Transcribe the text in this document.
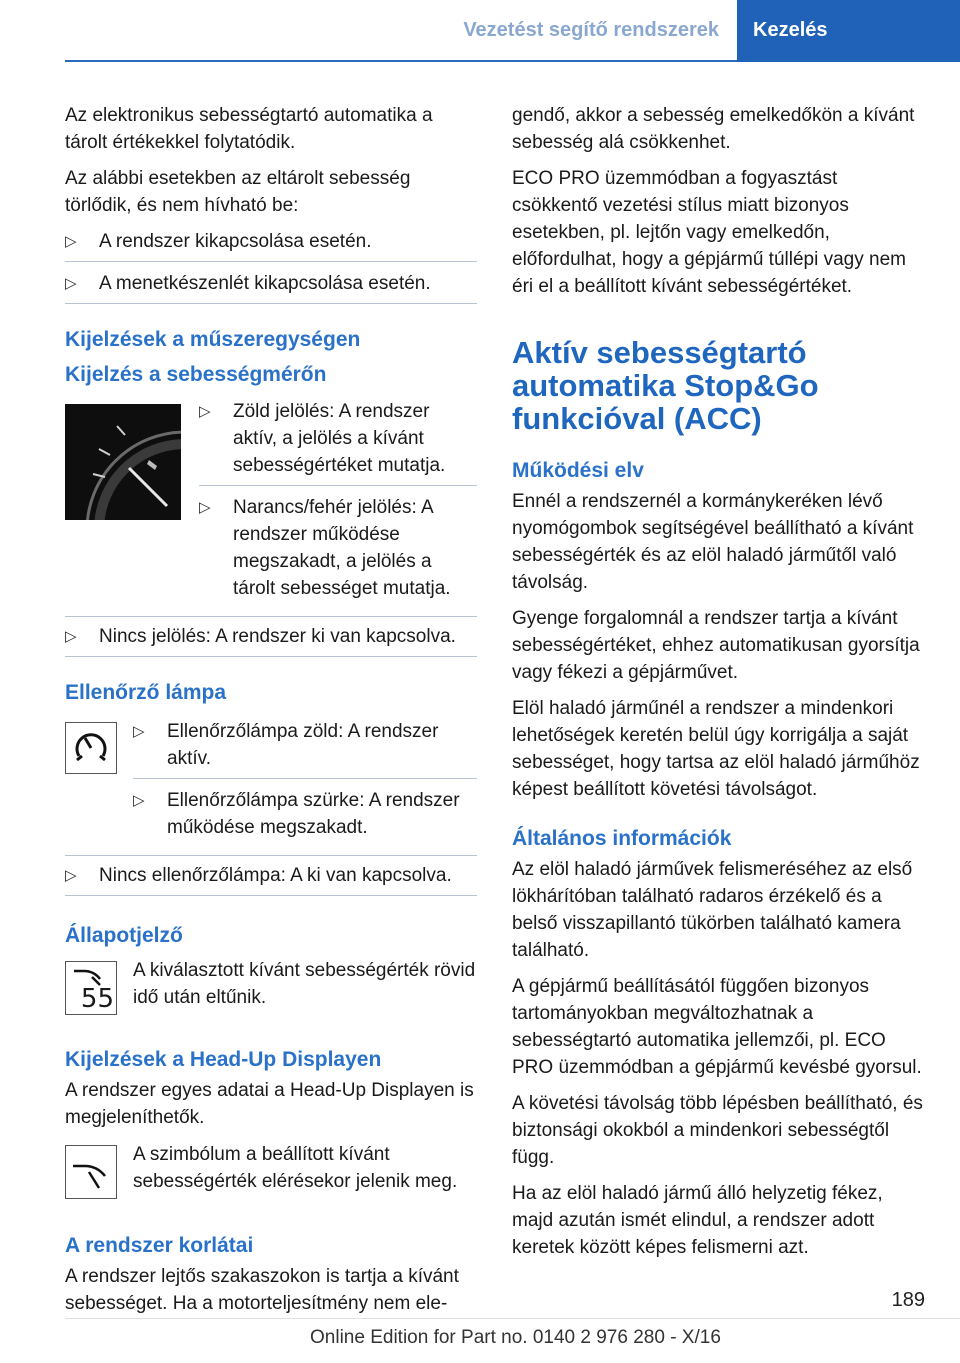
Vezetést segítő rendszerek	Kezelés

Az elektronikus sebességtartó automatika a tárolt értékekkel folytatódik.

Az alábbi esetekben az eltárolt sebesség törlődik, és nem hívható be:

▷ A rendszer kikapcsolása esetén.
▷ A menetkészenlét kikapcsolása esetén.
Kijelzések a műszeregységen
Kijelzés a sebességmérőn
▷ Zöld jelölés: A rendszer aktív, a jelölés a kívánt sebességértéket mutatja.
▷ Narancs/fehér jelölés: A rendszer működése megszakadt, a jelölés a tárolt sebességet mutatja.
▷ Nincs jelölés: A rendszer ki van kapcsolva.
Ellenőrző lámpa
▷ Ellenőrzőlámpa zöld: A rendszer aktív.
▷ Ellenőrzőlámpa szürke: A rendszer működése megszakadt.
▷ Nincs ellenőrzőlámpa: A ki van kapcsolva.
Állapotjelző
55

A kiválasztott kívánt sebességérték rövid idő után eltűnik.

Kijelzések a Head-Up Displayen

A rendszer egyes adatai a Head-Up Displayen is megjeleníthetők.

A szimbólum a beállított kívánt sebességérték elérésekor jelenik meg.

A rendszer korlátai

A rendszer lejtős szakaszokon is tartja a kívánt sebességet. Ha a motorteljesítmény nem ele-

gendő, akkor a sebesség emelkedőkön a kívánt sebesség alá csökkenhet.

ECO PRO üzemmódban a fogyasztást csökkentő vezetési stílus miatt bizonyos esetekben, pl. lejtőn vagy emelkedőn, előfordulhat, hogy a gépjármű túllépi vagy nem éri el a beállított kívánt sebességértéket.

Aktív sebességtartó automatika Stop&Go funkcióval (ACC)
Működési elv

Ennél a rendszernél a kormánykeréken lévő nyomógombok segítségével beállítható a kívánt sebességérték és az elöl haladó járműtől való távolság.

Gyenge forgalomnál a rendszer tartja a kívánt sebességértéket, ehhez automatikusan gyorsítja vagy fékezi a gépjárművet.

Elöl haladó járműnél a rendszer a mindenkori lehetőségek keretén belül úgy korrigálja a saját sebességet, hogy tartsa az elöl haladó járműhöz képest beállított követési távolságot.

Általános információk

Az elöl haladó járművek felismeréséhez az első lökhárítóban található radaros érzékelő és a belső visszapillantó tükörben található kamera található.

A gépjármű beállításától függően bizonyos tartományokban megváltozhatnak a sebességtartó automatika jellemzői, pl. ECO PRO üzemmódban a gépjármű kevésbé gyorsul.

A követési távolság több lépésben beállítható, és biztonsági okokból a mindenkori sebességtől függ.

Ha az elöl haladó jármű álló helyzetig fékez, majd azután ismét elindul, a rendszer adott keretek között képes felismerni azt.

189
Online Edition for Part no. 0140 2 976 280 - X/16
